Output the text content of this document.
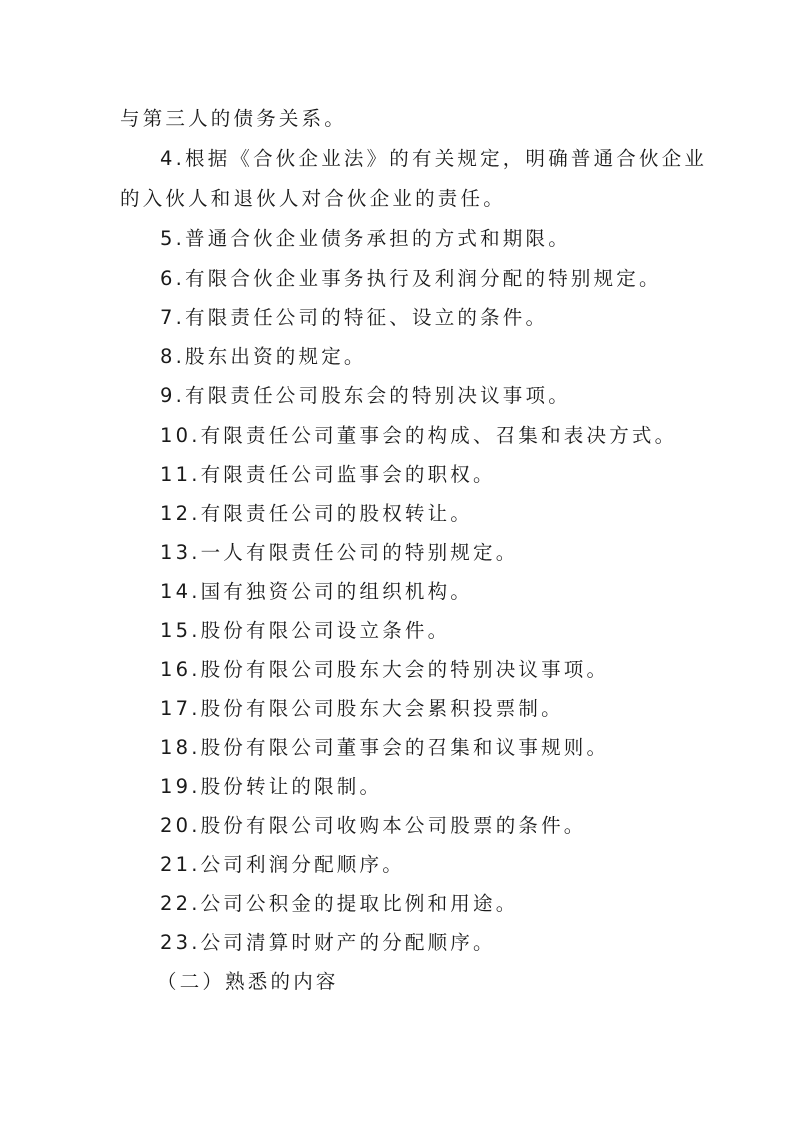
与第三人的债务关系。
4.根据《合伙企业法》的有关规定，明确普通合伙企业
的入伙人和退伙人对合伙企业的责任。
5.普通合伙企业债务承担的方式和期限。
6.有限合伙企业事务执行及利润分配的特别规定。
7.有限责任公司的特征、设立的条件。
8.股东出资的规定。
9.有限责任公司股东会的特别决议事项。
10.有限责任公司董事会的构成、召集和表决方式。
11.有限责任公司监事会的职权。
12.有限责任公司的股权转让。
13.一人有限责任公司的特别规定。
14.国有独资公司的组织机构。
15.股份有限公司设立条件。
16.股份有限公司股东大会的特别决议事项。
17.股份有限公司股东大会累积投票制。
18.股份有限公司董事会的召集和议事规则。
19.股份转让的限制。
20.股份有限公司收购本公司股票的条件。
21.公司利润分配顺序。
22.公司公积金的提取比例和用途。
23.公司清算时财产的分配顺序。
（二）熟悉的内容
